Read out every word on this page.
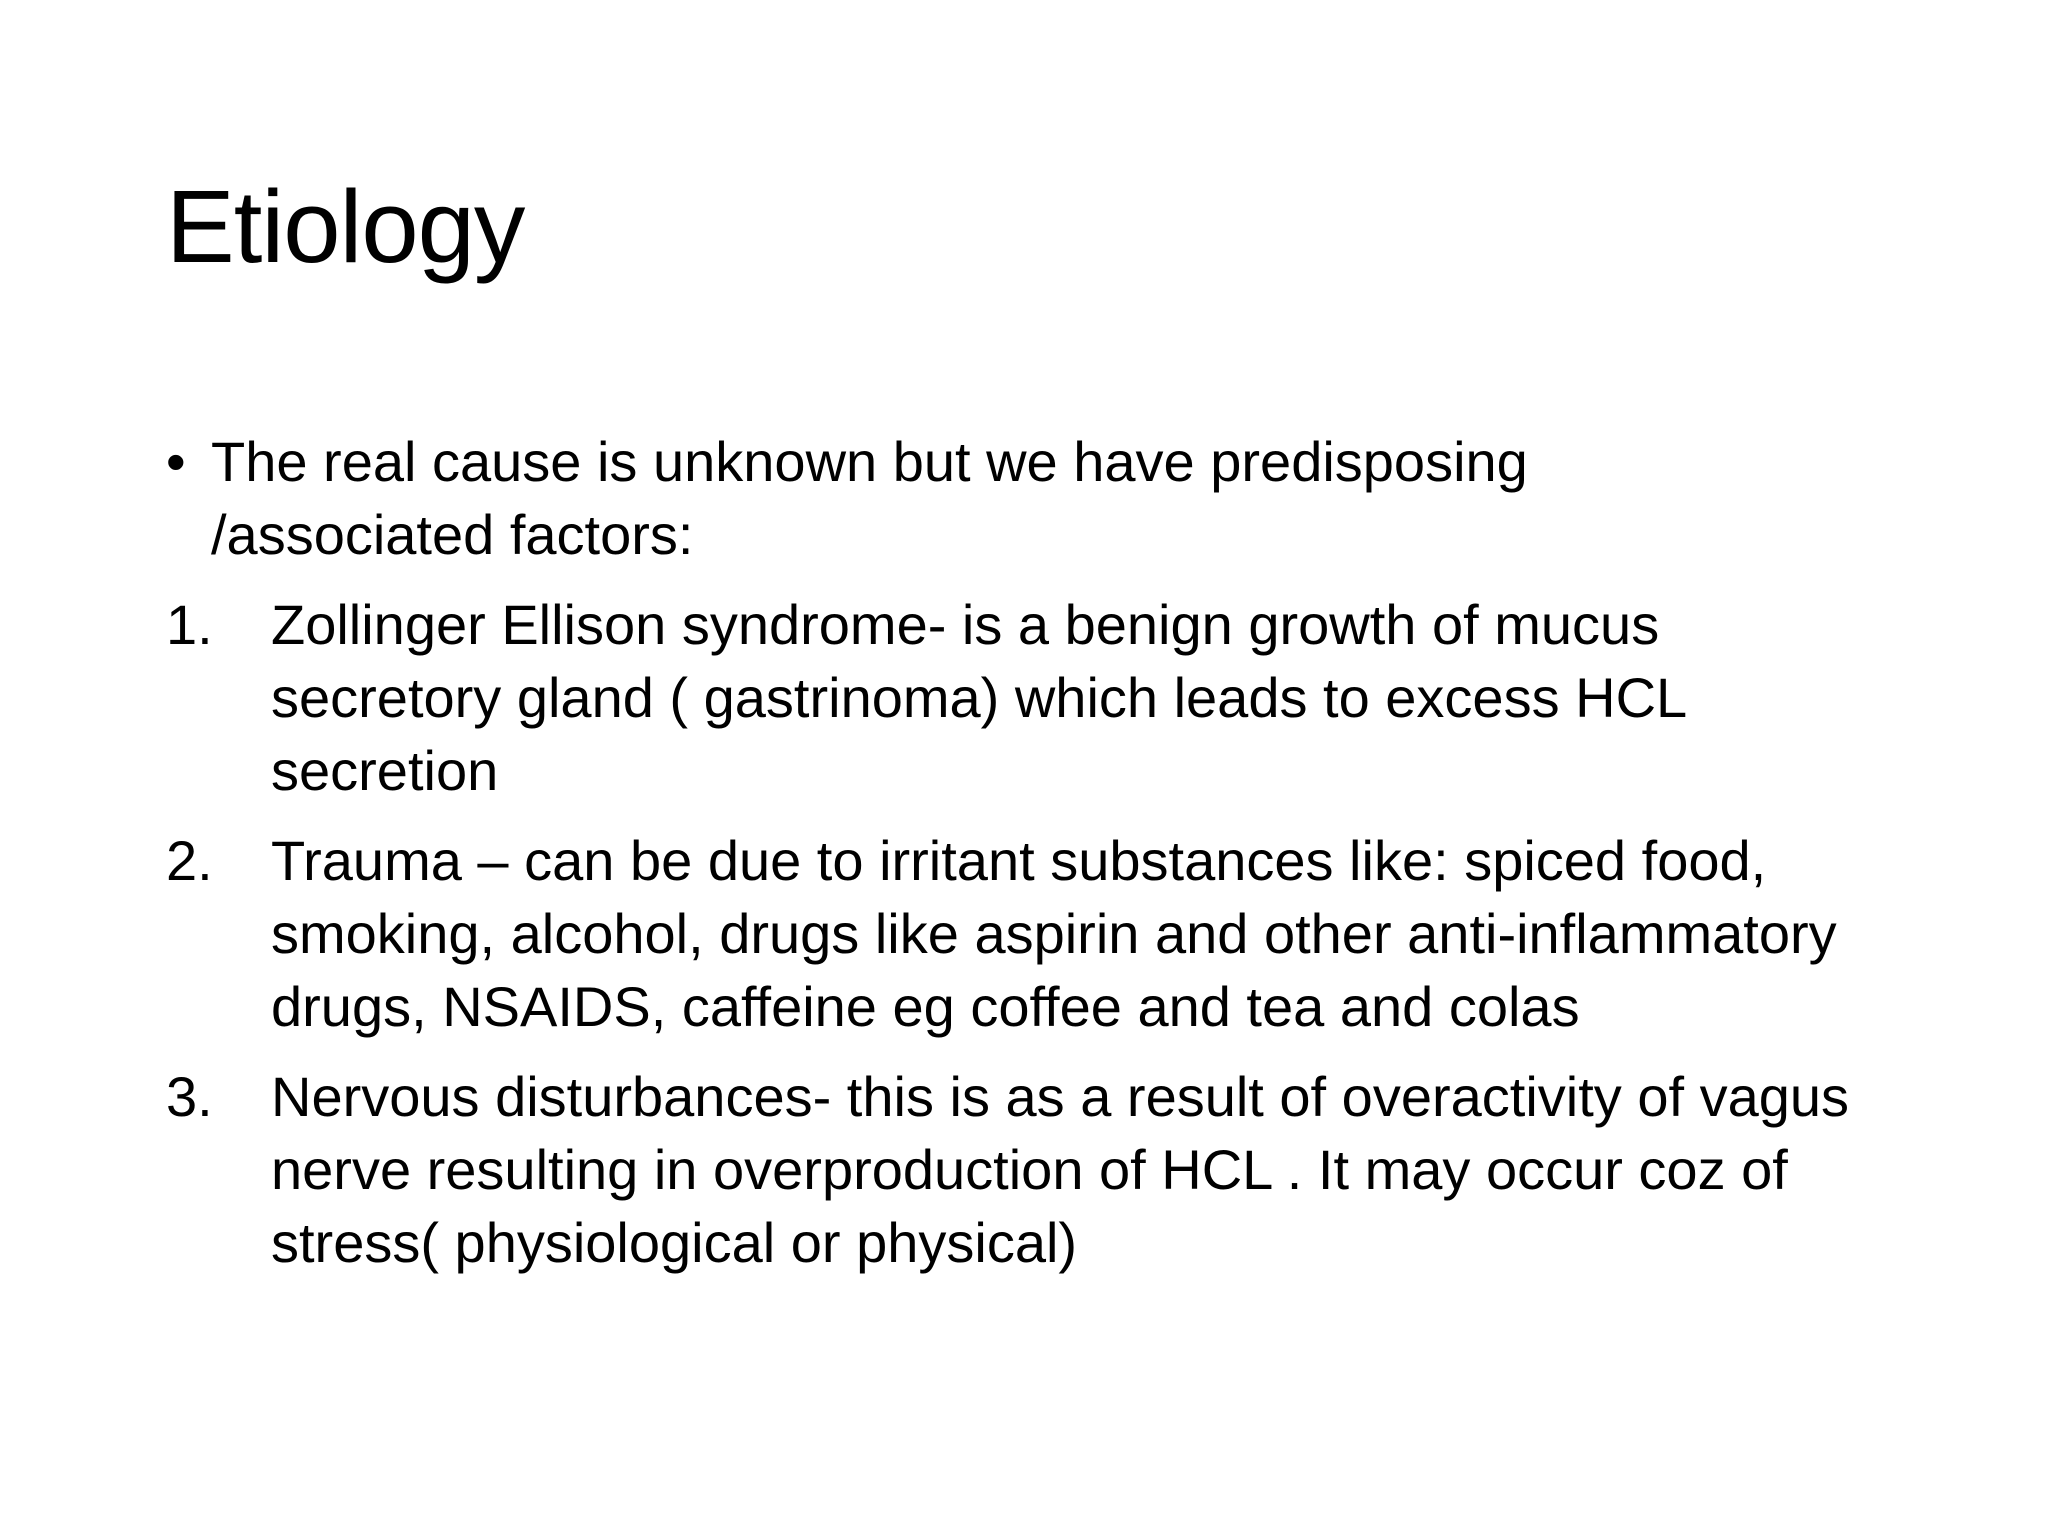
Etiology
• The real cause is unknown but we have predisposing /associated factors:
1.	Zollinger Ellison syndrome- is a benign growth of mucus secretory gland ( gastrinoma) which leads to excess HCL secretion
2.	Trauma – can be due to irritant substances like: spiced food, smoking, alcohol, drugs like aspirin and other anti-inflammatory drugs, NSAIDS, caffeine eg coffee and tea and colas
3.	Nervous disturbances- this is as a result of overactivity of vagus nerve resulting in overproduction of HCL . It may occur coz of stress( physiological or physical)
